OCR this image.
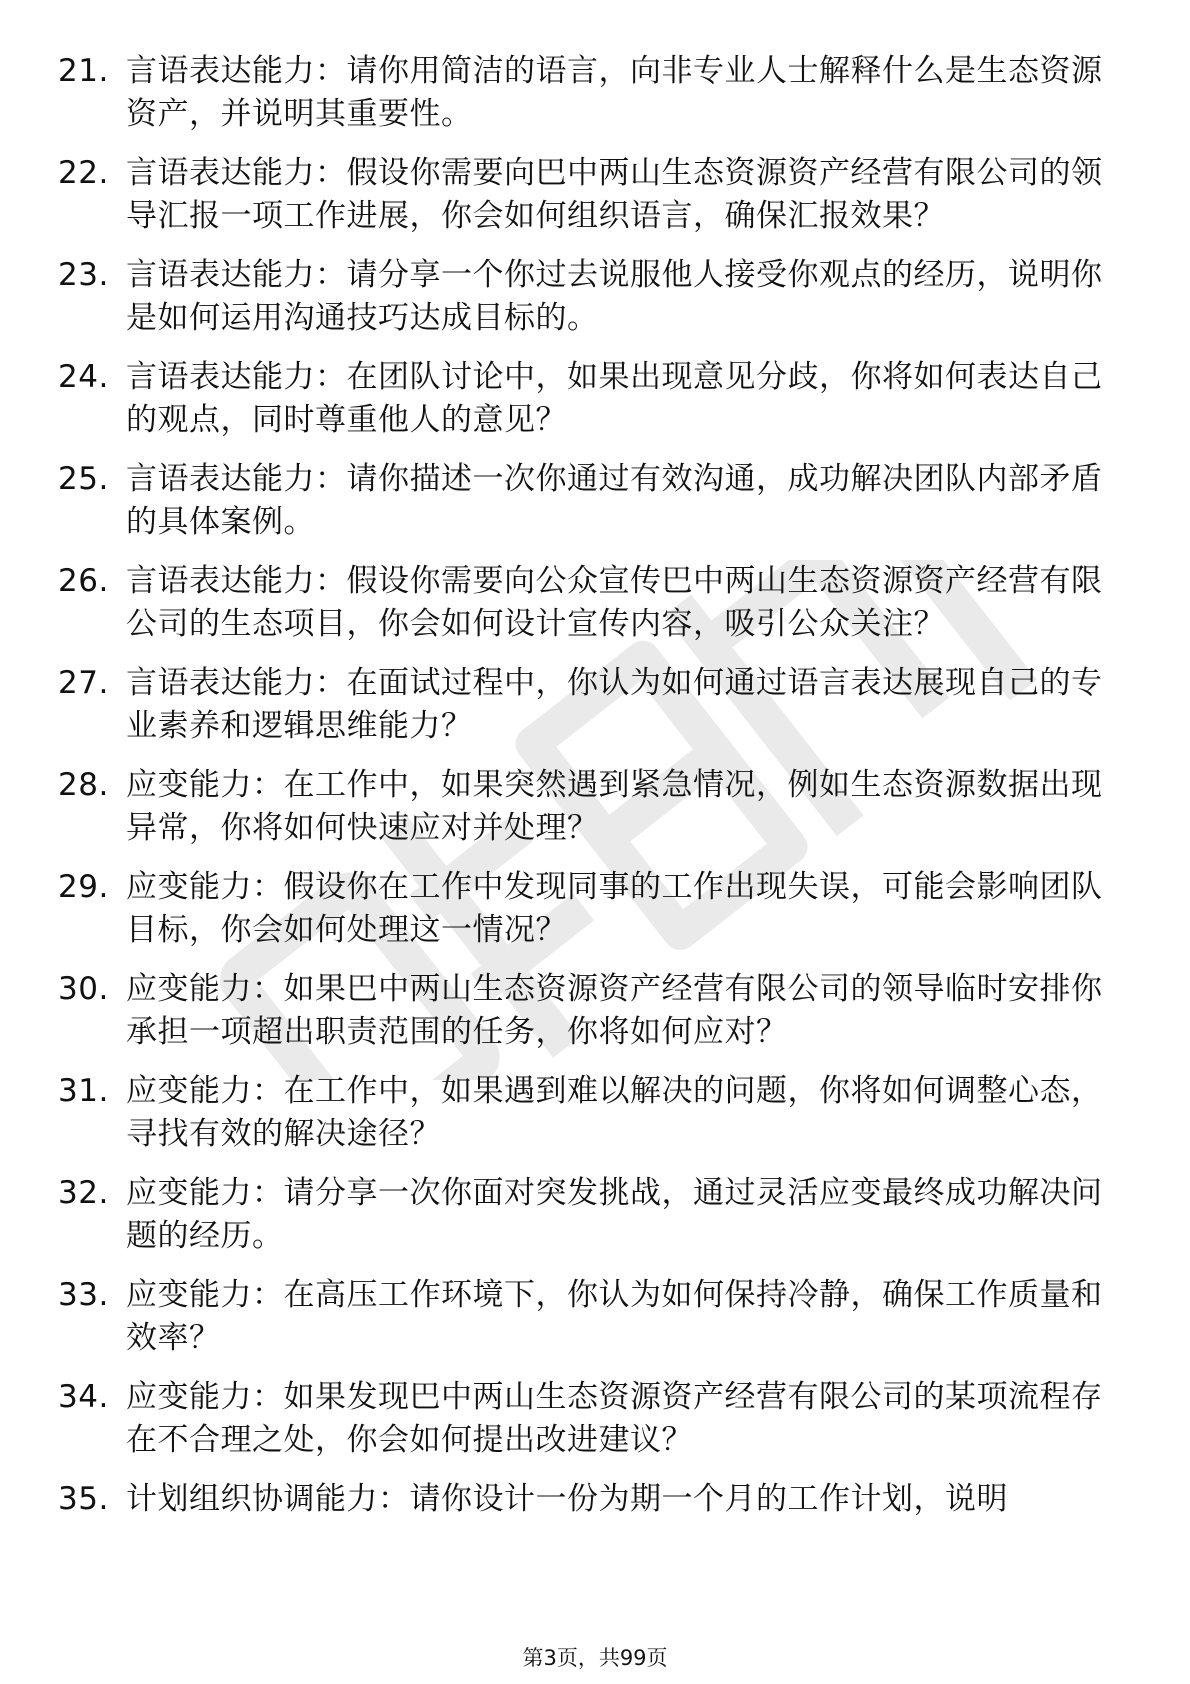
21. 言语表达能力：请你用简洁的语言，向非专业人士解释什么是生态资源资产，并说明其重要性。
22. 言语表达能力：假设你需要向巴中两山生态资源资产经营有限公司的领导汇报一项工作进展，你会如何组织语言，确保汇报效果？
23. 言语表达能力：请分享一个你过去说服他人接受你观点的经历，说明你是如何运用沟通技巧达成目标的。
24. 言语表达能力：在团队讨论中，如果出现意见分歧，你将如何表达自己的观点，同时尊重他人的意见？
25. 言语表达能力：请你描述一次你通过有效沟通，成功解决团队内部矛盾的具体案例。
26. 言语表达能力：假设你需要向公众宣传巴中两山生态资源资产经营有限公司的生态项目，你会如何设计宣传内容，吸引公众关注？
27. 言语表达能力：在面试过程中，你认为如何通过语言表达展现自己的专业素养和逻辑思维能力？
28. 应变能力：在工作中，如果突然遇到紧急情况，例如生态资源数据出现异常，你将如何快速应对并处理？
29. 应变能力：假设你在工作中发现同事的工作出现失误，可能会影响团队目标，你会如何处理这一情况？
30. 应变能力：如果巴中两山生态资源资产经营有限公司的领导临时安排你承担一项超出职责范围的任务，你将如何应对？
31. 应变能力：在工作中，如果遇到难以解决的问题，你将如何调整心态，寻找有效的解决途径？
32. 应变能力：请分享一次你面对突发挑战，通过灵活应变最终成功解决问题的经历。
33. 应变能力：在高压工作环境下，你认为如何保持冷静，确保工作质量和效率？
34. 应变能力：如果发现巴中两山生态资源资产经营有限公司的某项流程存在不合理之处，你会如何提出改进建议？
35. 计划组织协调能力：请你设计一份为期一个月的工作计划，说明
第3页，共99页
